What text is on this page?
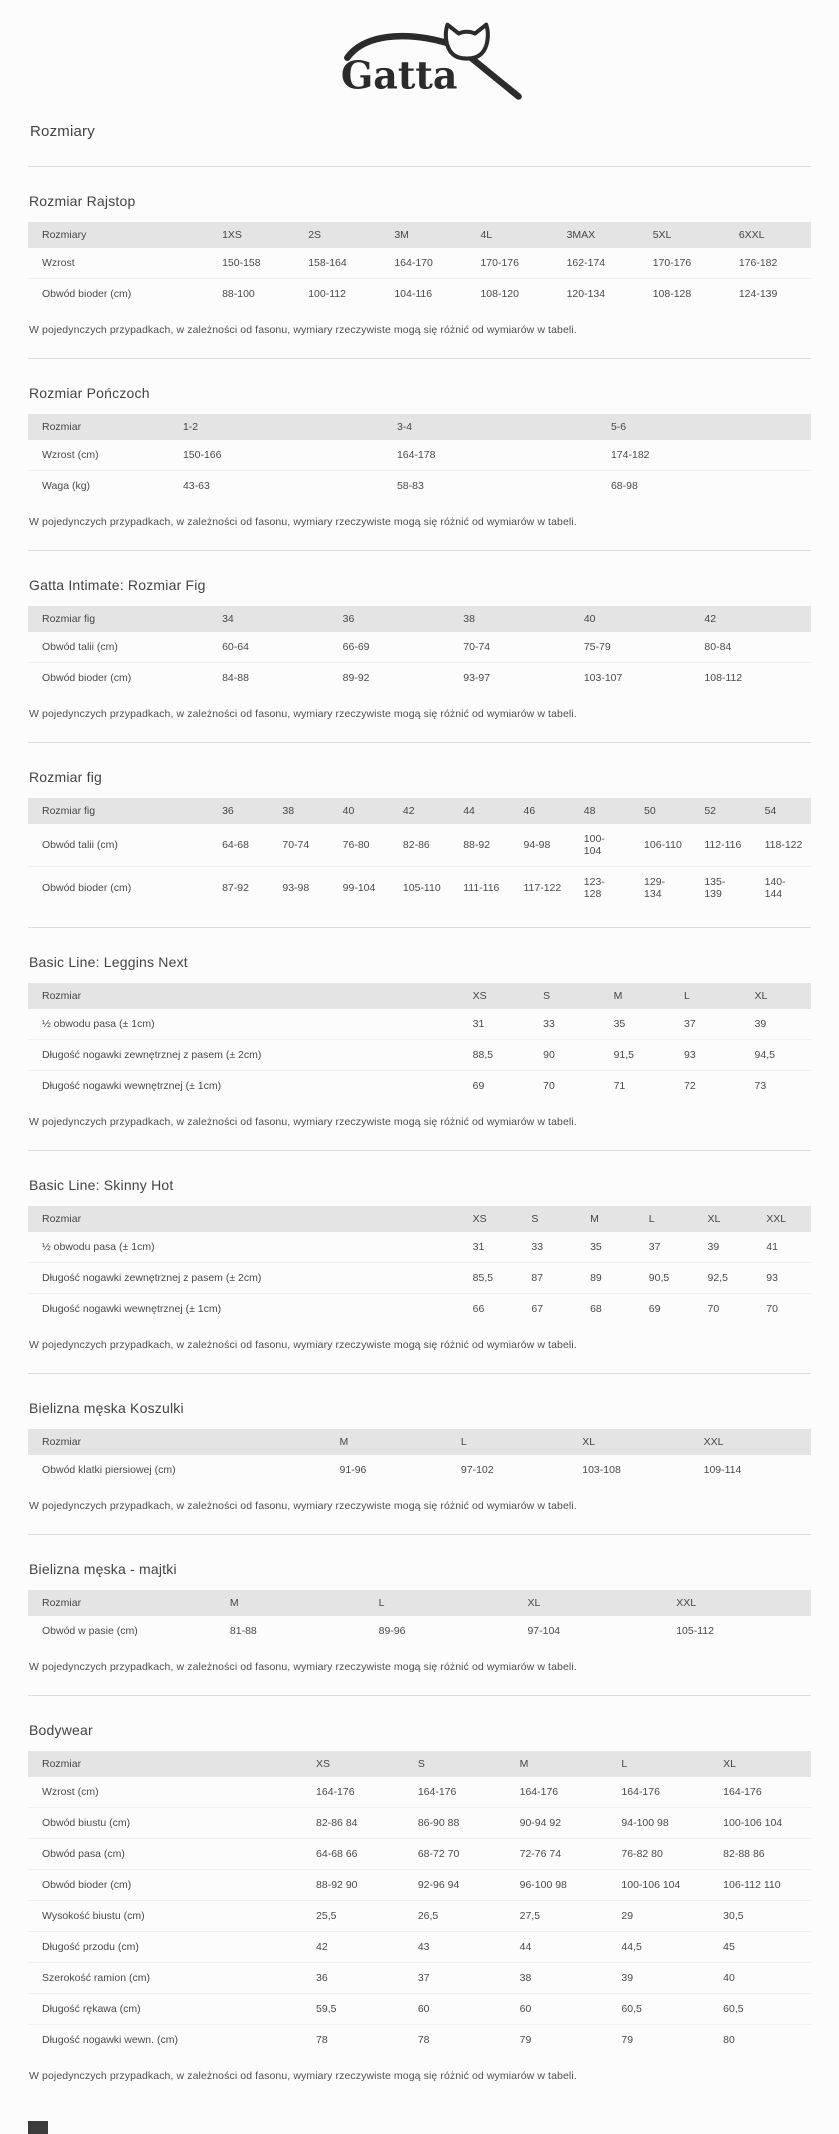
Gatta
Rozmiary
Rozmiar Rajstop
Rozmiary	1XS	2S	3M	4L	3MAX	5XL	6XXL
Wzrost	150-158	158-164	164-170	170-176	162-174	170-176	176-182
Obwód bioder (cm)	88-100	100-112	104-116	108-120	120-134	108-128	124-139

W pojedynczych przypadkach, w zależności od fasonu, wymiary rzeczywiste mogą się różnić od wymiarów w tabeli.

Rozmiar Pończoch
Rozmiar	1-2	3-4	5-6
Wzrost (cm)	150-166	164-178	174-182
Waga (kg)	43-63	58-83	68-98

W pojedynczych przypadkach, w zależności od fasonu, wymiary rzeczywiste mogą się różnić od wymiarów w tabeli.

Gatta Intimate: Rozmiar Fig
Rozmiar fig	34	36	38	40	42
Obwód talii (cm)	60-64	66-69	70-74	75-79	80-84
Obwód bioder (cm)	84-88	89-92	93-97	103-107	108-112

W pojedynczych przypadkach, w zależności od fasonu, wymiary rzeczywiste mogą się różnić od wymiarów w tabeli.

Rozmiar fig
Rozmiar fig	36	38	40	42	44	46	48	50	52	54
Obwód talii (cm)	64-68	70-74	76-80	82-86	88-92	94-98	100-104	106-110	112-116	118-122
Obwód bioder (cm)	87-92	93-98	99-104	105-110	111-116	117-122	123-128	129-134	135-139	140-144
Basic Line: Leggins Next
Rozmiar	XS	S	M	L	XL
½ obwodu pasa (± 1cm)	31	33	35	37	39
Długość nogawki zewnętrznej z pasem (± 2cm)	88,5	90	91,5	93	94,5
Długość nogawki wewnętrznej (± 1cm)	69	70	71	72	73

W pojedynczych przypadkach, w zależności od fasonu, wymiary rzeczywiste mogą się różnić od wymiarów w tabeli.

Basic Line: Skinny Hot
Rozmiar	XS	S	M	L	XL	XXL
½ obwodu pasa (± 1cm)	31	33	35	37	39	41
Długość nogawki zewnętrznej z pasem (± 2cm)	85,5	87	89	90,5	92,5	93
Długość nogawki wewnętrznej (± 1cm)	66	67	68	69	70	70

W pojedynczych przypadkach, w zależności od fasonu, wymiary rzeczywiste mogą się różnić od wymiarów w tabeli.

Bielizna męska Koszulki
Rozmiar	M	L	XL	XXL
Obwód klatki piersiowej (cm)	91-96	97-102	103-108	109-114

W pojedynczych przypadkach, w zależności od fasonu, wymiary rzeczywiste mogą się różnić od wymiarów w tabeli.

Bielizna męska - majtki
Rozmiar	M	L	XL	XXL
Obwód w pasie (cm)	81-88	89-96	97-104	105-112

W pojedynczych przypadkach, w zależności od fasonu, wymiary rzeczywiste mogą się różnić od wymiarów w tabeli.

Bodywear
Rozmiar	XS	S	M	L	XL
Wzrost (cm)	164-176	164-176	164-176	164-176	164-176
Obwód biustu (cm)	82-86 84	86-90 88	90-94 92	94-100 98	100-106 104
Obwód pasa (cm)	64-68 66	68-72 70	72-76 74	76-82 80	82-88 86
Obwód bioder (cm)	88-92 90	92-96 94	96-100 98	100-106 104	106-112 110
Wysokość biustu (cm)	25,5	26,5	27,5	29	30,5
Długość przodu (cm)	42	43	44	44,5	45
Szerokość ramion (cm)	36	37	38	39	40
Długość rękawa (cm)	59,5	60	60	60,5	60,5
Długość nogawki wewn. (cm)	78	78	79	79	80

W pojedynczych przypadkach, w zależności od fasonu, wymiary rzeczywiste mogą się różnić od wymiarów w tabeli.
